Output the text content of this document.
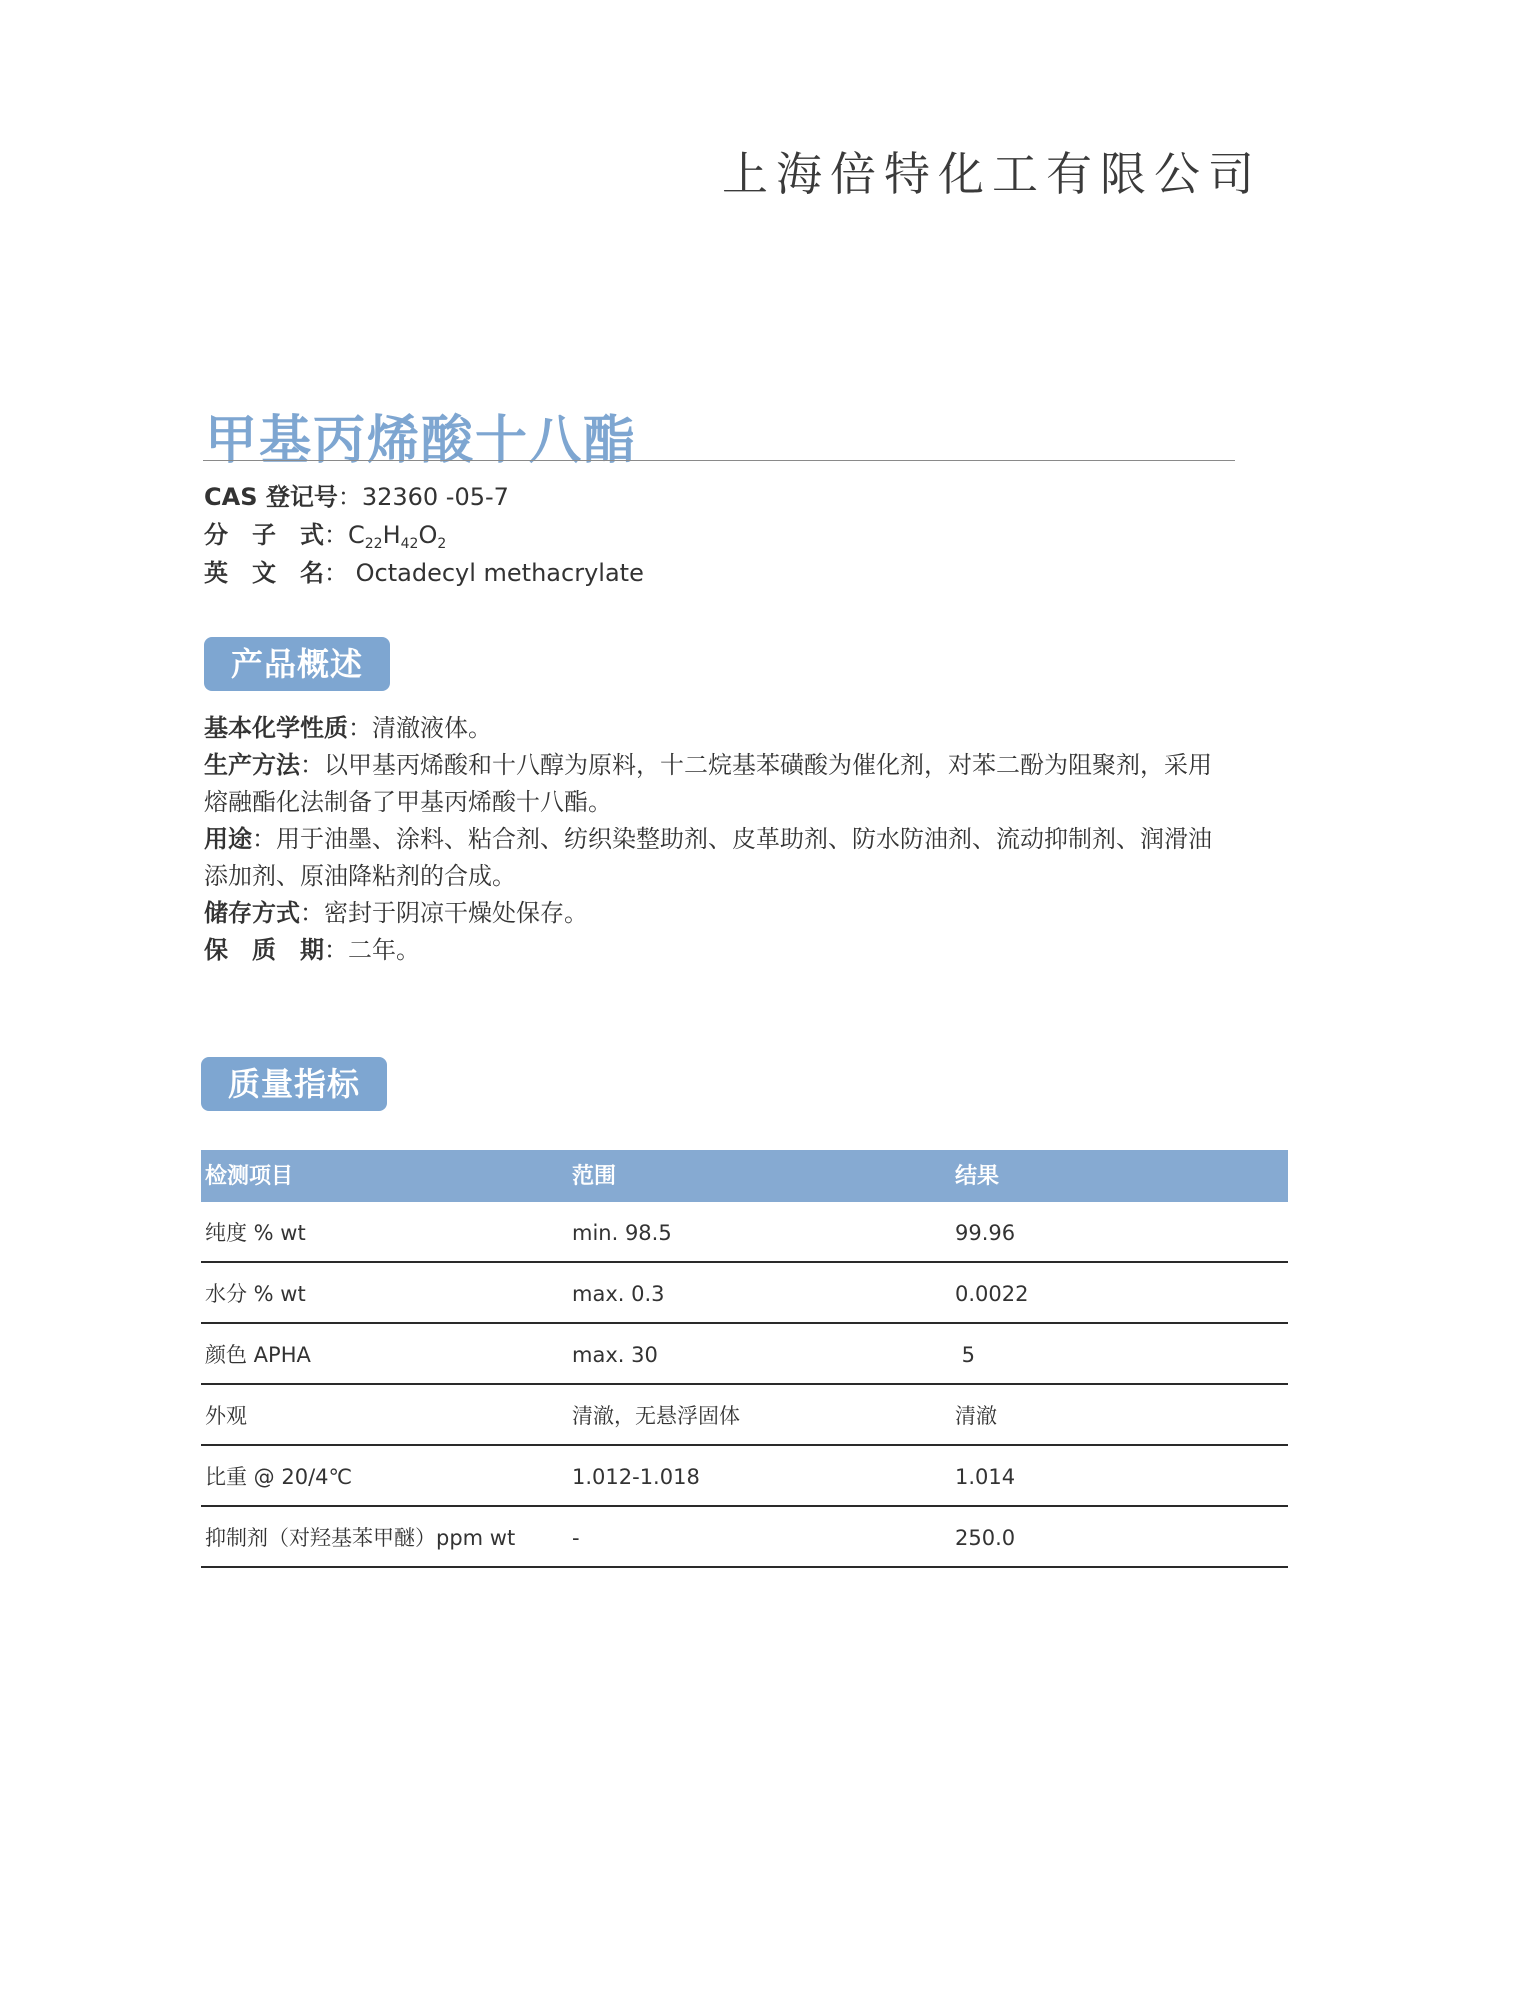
上海倍特化工有限公司
甲基丙烯酸十八酯
CAS 登记号：32360 -05-7
分　子　式：$C_{22}H_{42}O_2$
英　文　名： Octadecyl methacrylate
产品概述

基本化学性质：清澈液体。

生产方法：以甲基丙烯酸和十八醇为原料，十二烷基苯磺酸为催化剂，对苯二酚为阻聚剂，采用熔融酯化法制备了甲基丙烯酸十八酯。

用途：用于油墨、涂料、粘合剂、纺织染整助剂、皮革助剂、防水防油剂、流动抑制剂、润滑油添加剂、原油降粘剂的合成。

储存方式：密封于阴凉干燥处保存。

保　质　期：二年。

质量指标
检测项目	范围	结果
纯度 % wt	min. 98.5	99.96
水分 % wt	max. 0.3	0.0022
颜色 APHA	max. 30	5
外观	清澈，无悬浮固体	清澈
比重 @ 20/4℃	1.012-1.018	1.014
抑制剂（对羟基苯甲醚）ppm wt	-	250.0
